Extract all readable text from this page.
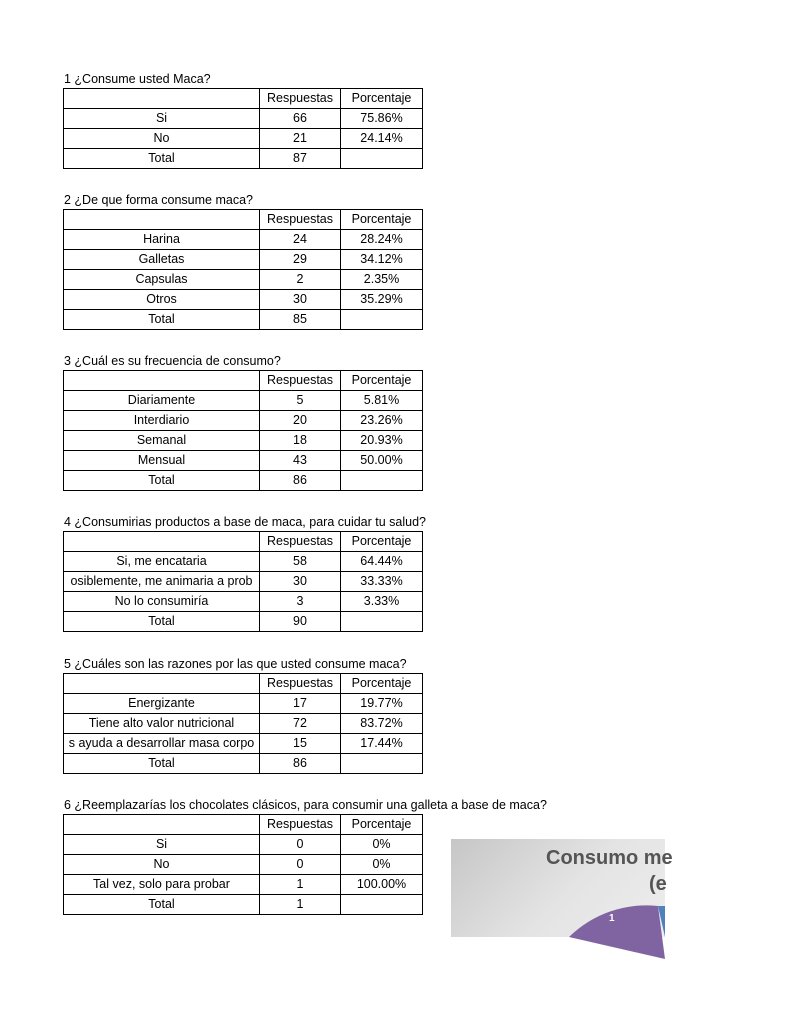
1 ¿Consume usted Maca?
	Respuestas	Porcentaje
Si	66	75.86%
No	21	24.14%
Total	87	
2 ¿De que forma consume maca?
	Respuestas	Porcentaje
Harina	24	28.24%
Galletas	29	34.12%
Capsulas	2	2.35%
Otros	30	35.29%
Total	85	
3 ¿Cuál es su frecuencia de consumo?
	Respuestas	Porcentaje
Diariamente	5	5.81%
Interdiario	20	23.26%
Semanal	18	20.93%
Mensual	43	50.00%
Total	86	
4 ¿Consumirias productos a base de maca, para cuidar tu salud?
	Respuestas	Porcentaje
Si, me encataria	58	64.44%
osiblemente, me animaria a prob	30	33.33%
No lo consumiría	3	3.33%
Total	90	
5 ¿Cuáles son las razones por las que usted consume maca?
	Respuestas	Porcentaje
Energizante	17	19.77%
Tiene alto valor nutricional	72	83.72%
s ayuda a desarrollar masa corpo	15	17.44%
Total	86	
6 ¿Reemplazarías los chocolates clásicos, para consumir una galleta a base de maca?
	Respuestas	Porcentaje
Si	0	0%
No	0	0%
Tal vez, solo para probar	1	100.00%
Total	1	
1
Consumo me
(e
